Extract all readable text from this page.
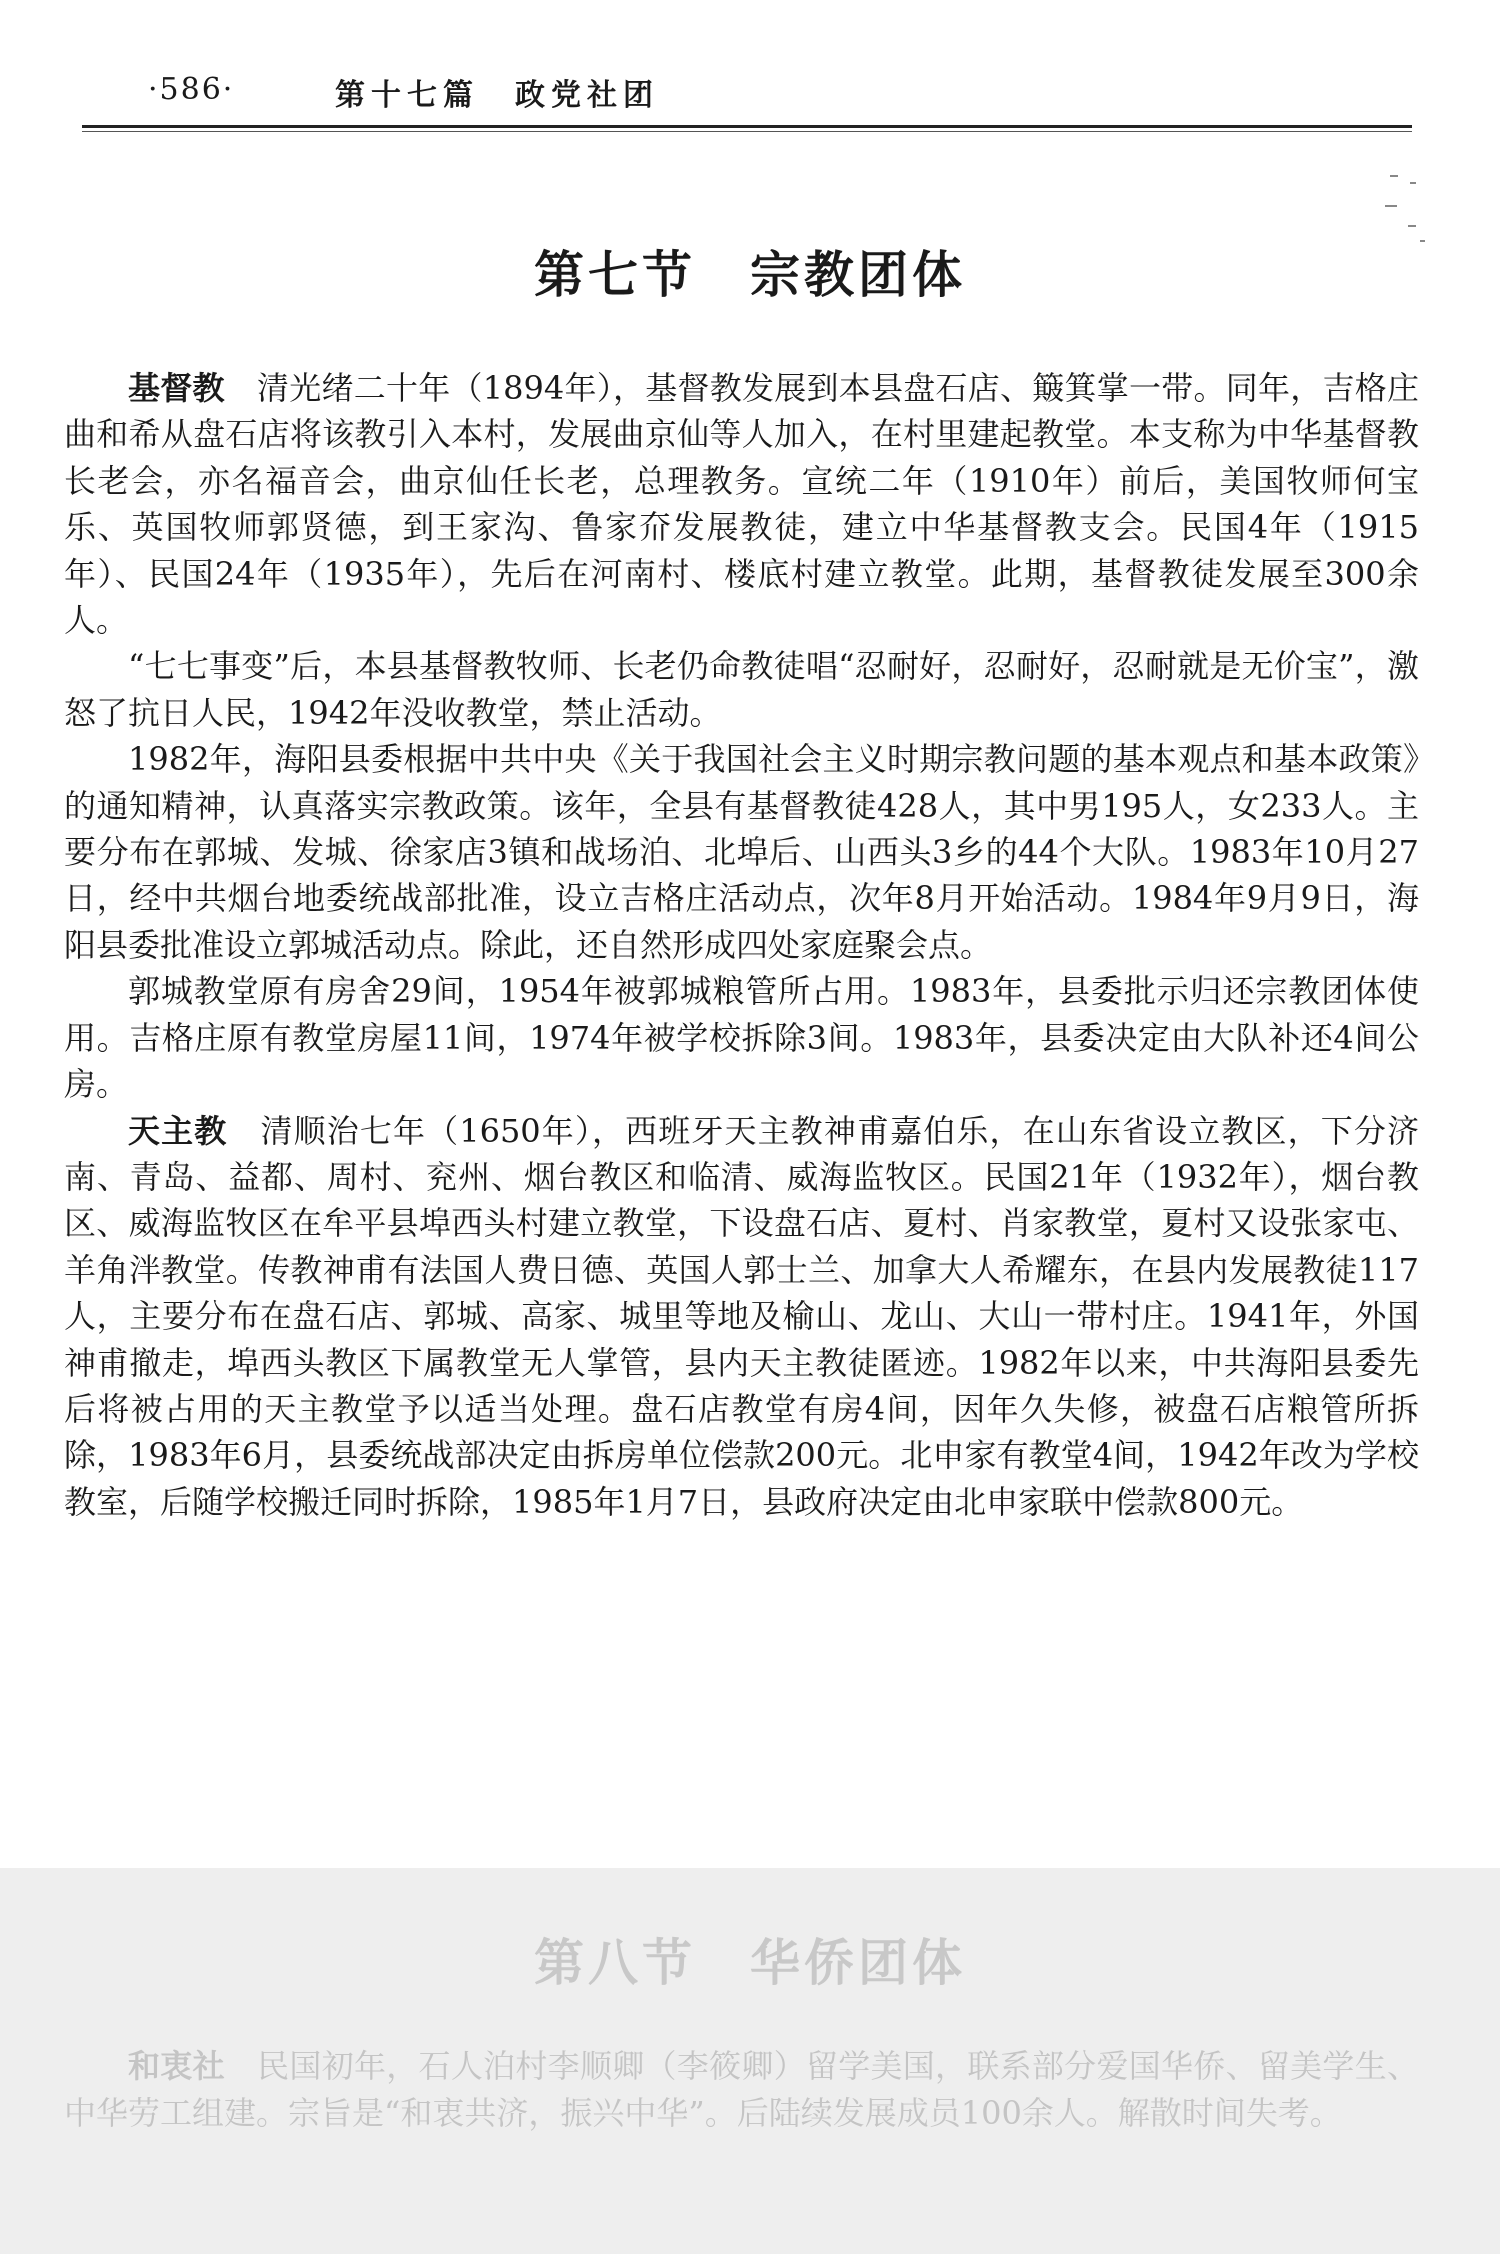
·586·	第十七篇　政党社团
第七节　宗教团体

基督教　清光绪二十年（1894年），基督教发展到本县盘石店、簸箕掌一带。同年，吉格庄曲和希从盘石店将该教引入本村，发展曲京仙等人加入，在村里建起教堂。本支称为中华基督教长老会，亦名福音会，曲京仙任长老，总理教务。宣统二年（1910年）前后，美国牧师何宝乐、英国牧师郭贤德，到王家沟、鲁家夼发展教徒，建立中华基督教支会。民国4年（1915年）、民国24年（1935年），先后在河南村、楼底村建立教堂。此期，基督教徒发展至300余人。

“七七事变”后，本县基督教牧师、长老仍命教徒唱“忍耐好，忍耐好，忍耐就是无价宝”，激怒了抗日人民，1942年没收教堂，禁止活动。

1982年，海阳县委根据中共中央《关于我国社会主义时期宗教问题的基本观点和基本政策》的通知精神，认真落实宗教政策。该年，全县有基督教徒428人，其中男195人，女233人。主要分布在郭城、发城、徐家店3镇和战场泊、北埠后、山西头3乡的44个大队。1983年10月27日，经中共烟台地委统战部批准，设立吉格庄活动点，次年8月开始活动。1984年9月9日，海阳县委批准设立郭城活动点。除此，还自然形成四处家庭聚会点。

郭城教堂原有房舍29间，1954年被郭城粮管所占用。1983年，县委批示归还宗教团体使用。吉格庄原有教堂房屋11间，1974年被学校拆除3间。1983年，县委决定由大队补还4间公房。

天主教　清顺治七年（1650年），西班牙天主教神甫嘉伯乐，在山东省设立教区，下分济南、青岛、益都、周村、兖州、烟台教区和临清、威海监牧区。民国21年（1932年），烟台教区、威海监牧区在牟平县埠西头村建立教堂，下设盘石店、夏村、肖家教堂，夏村又设张家屯、羊角泮教堂。传教神甫有法国人费日德、英国人郭士兰、加拿大人希耀东，在县内发展教徒117人，主要分布在盘石店、郭城、高家、城里等地及榆山、龙山、大山一带村庄。1941年，外国神甫撤走，埠西头教区下属教堂无人掌管，县内天主教徒匿迹。1982年以来，中共海阳县委先后将被占用的天主教堂予以适当处理。盘石店教堂有房4间，因年久失修，被盘石店粮管所拆除，1983年6月，县委统战部决定由拆房单位偿款200元。北申家有教堂4间，1942年改为学校教室，后随学校搬迁同时拆除，1985年1月7日，县政府决定由北申家联中偿款800元。

第八节　华侨团体

和衷社　民国初年，石人泊村李顺卿（李筱卿）留学美国，联系部分爱国华侨、留美学生、中华劳工组建。宗旨是“和衷共济，振兴中华”。后陆续发展成员100余人。解散时间失考。
